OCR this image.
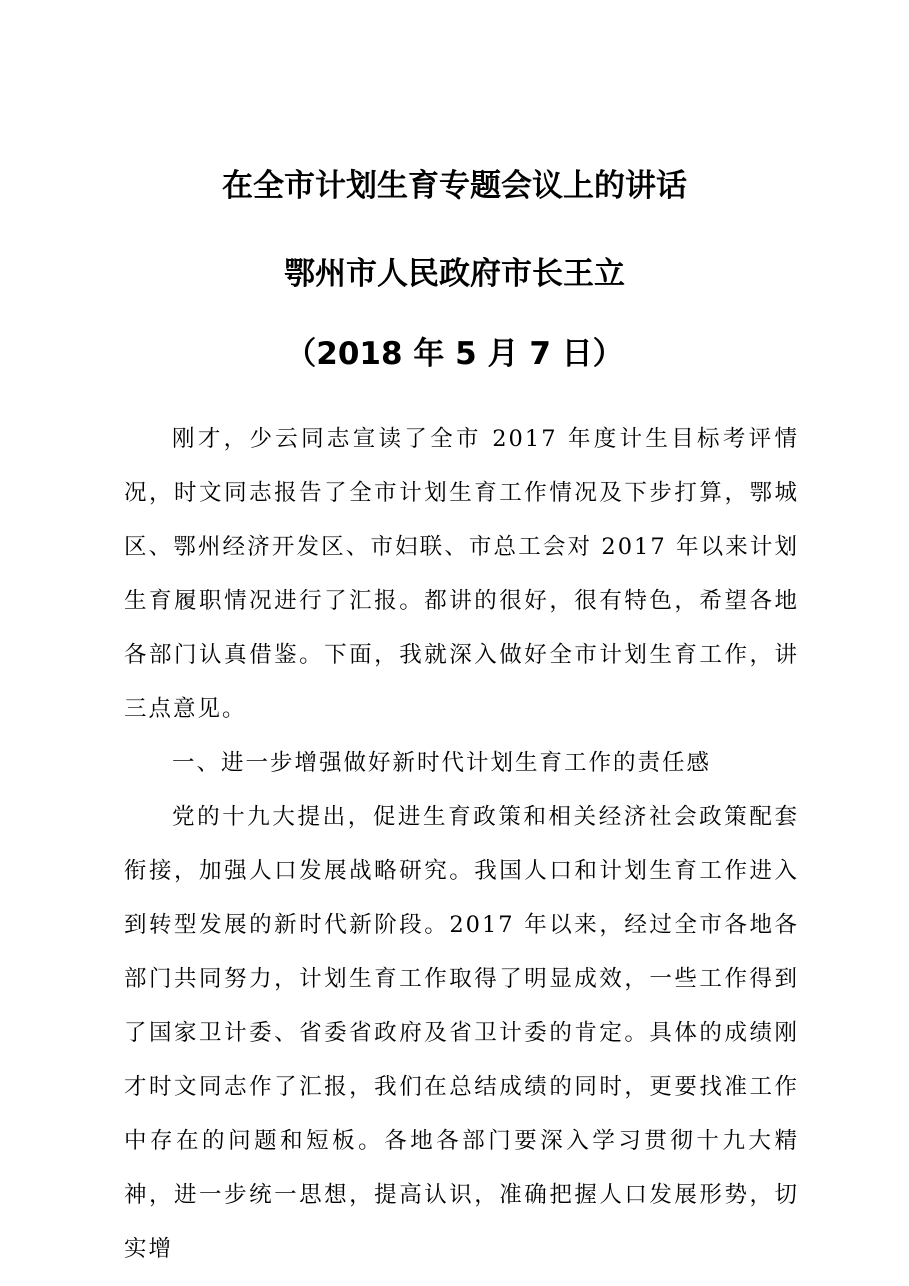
在全市计划生育专题会议上的讲话
鄂州市人民政府市长王立
（2018 年 5 月 7 日）

刚才，少云同志宣读了全市 2017 年度计生目标考评情况，时文同志报告了全市计划生育工作情况及下步打算，鄂城区、鄂州经济开发区、市妇联、市总工会对 2017 年以来计划生育履职情况进行了汇报。都讲的很好，很有特色，希望各地各部门认真借鉴。下面，我就深入做好全市计划生育工作，讲三点意见。

一、进一步增强做好新时代计划生育工作的责任感

党的十九大提出，促进生育政策和相关经济社会政策配套衔接，加强人口发展战略研究。我国人口和计划生育工作进入到转型发展的新时代新阶段。2017 年以来，经过全市各地各部门共同努力，计划生育工作取得了明显成效，一些工作得到了国家卫计委、省委省政府及省卫计委的肯定。具体的成绩刚才时文同志作了汇报，我们在总结成绩的同时，更要找准工作中存在的问题和短板。各地各部门要深入学习贯彻十九大精神，进一步统一思想，提高认识，准确把握人口发展形势，切实增
